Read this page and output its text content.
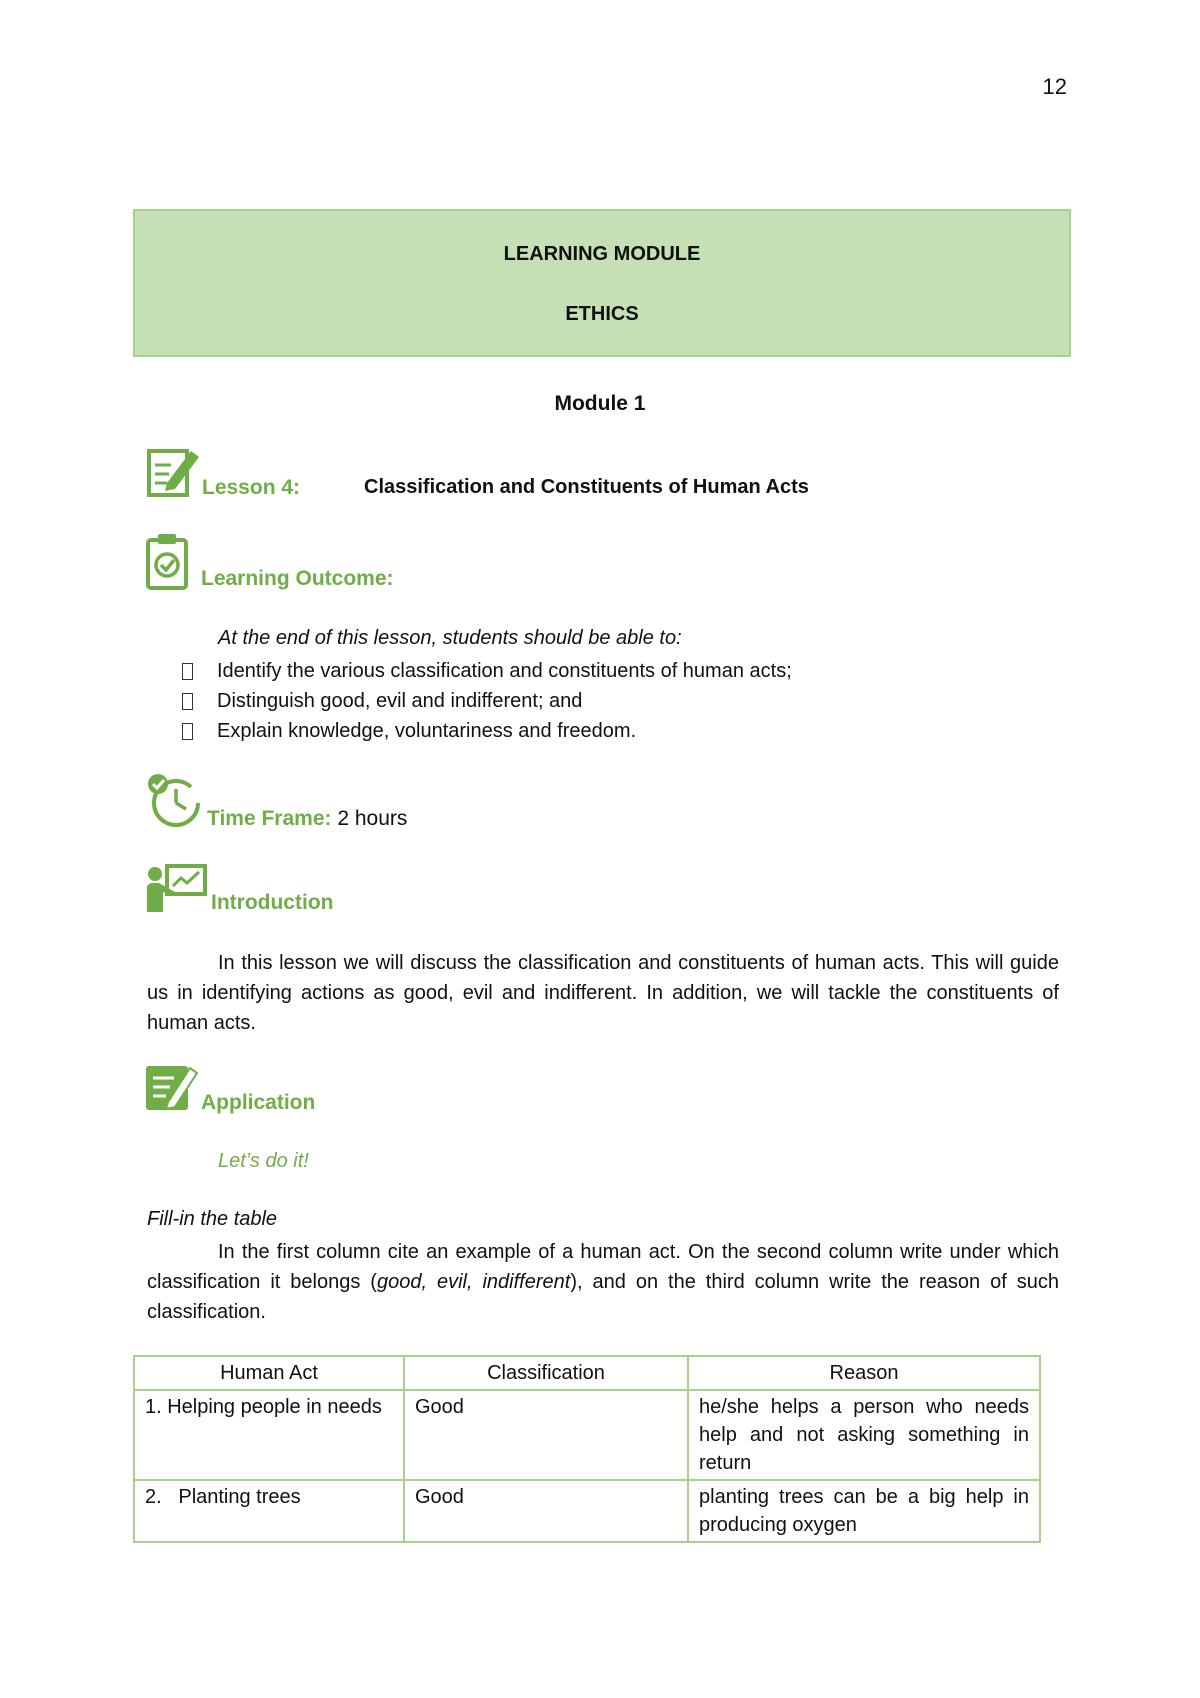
12
LEARNING MODULE
ETHICS
Module 1
Lesson 4:	Classification and Constituents of Human Acts
Learning Outcome:
At the end of this lesson, students should be able to:
Identify the various classification and constituents of human acts;
Distinguish good, evil and indifferent; and
Explain knowledge, voluntariness and freedom.
Time Frame: 2 hours
Introduction
In this lesson we will discuss the classification and constituents of human acts. This will guide us in identifying actions as good, evil and indifferent. In addition, we will tackle the constituents of human acts.
Application
Let’s do it!
Fill-in the table
In the first column cite an example of a human act. On the second column write under which classification it belongs (good, evil, indifferent), and on the third column write the reason of such classification.
Human Act	Classification	Reason
1. Helping people in needs	Good	he/she helps a person who needs help and not asking something in return
2.   Planting trees	Good	planting trees can be a big help in producing oxygen
